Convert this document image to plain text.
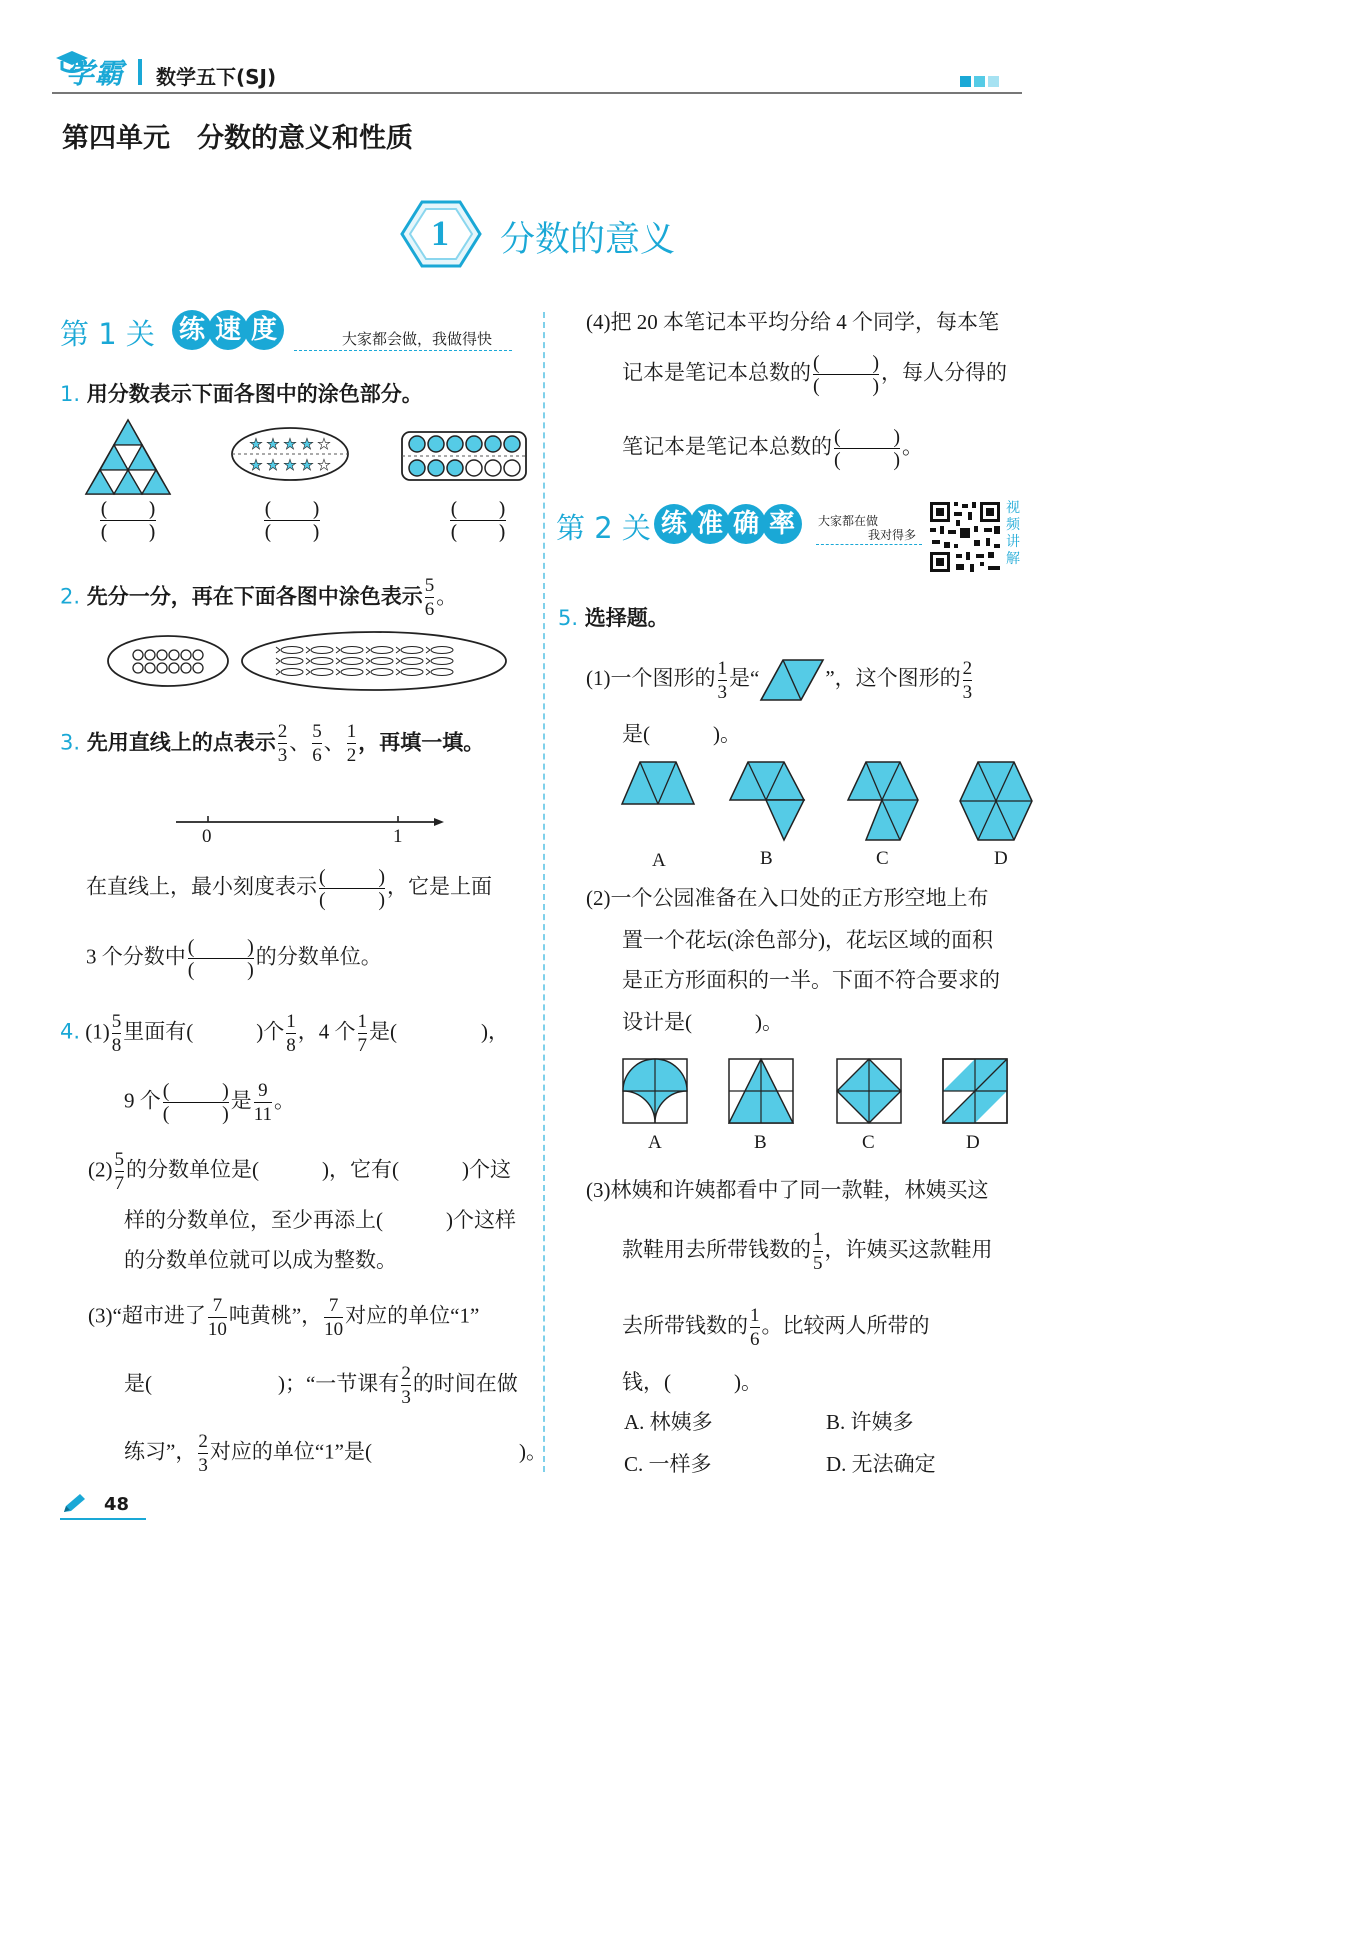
学霸 数学五下(SJ)
第四单元　分数的意义和性质
1 分数的意义
第 1 关 练 速 度	大家都会做，我做得快
1. 用分数表示下面各图中的涂色部分。
★ ★ ★ ★ ★
★ ★ ★ ★ ★
( )

( )

( )

( )

( )

( )

2. 先分一分，再在下面各图中涂色表示 $\frac{5}{6}$ 。
3. 先用直线上的点表示 $\frac{2}{3}$ 、 $\frac{5}{6}$ 、 $\frac{1}{2}$ ，再填一填。
0	1
在直线上，最小刻度表示 (	)

(	)

，它是上面
3 个分数中 (	)

(	)

的分数单位。
4. $(1) \frac{5}{8}$ 里面有(　　　)个 $\frac{1}{8}$ ，4 个 $\frac{1}{7}$ 是(　　　　)，
9 个 (	)

(	)

是 $\frac{9}{11}$ 。
$(2) \frac{5}{7}$ 的分数单位是(　　　)，它有(　　　)个这
样的分数单位，至少再添上(　　　)个这样
的分数单位就可以成为整数。
(3)“超市进了 $\frac{7}{10}$ 吨黄桃”， $\frac{7}{10}$ 对应的单位“1”
是(　　　　　　)；“一节课有 $\frac{2}{3}$ 的时间在做
练习”， $\frac{2}{3}$ 对应的单位“1”是(　　　　　　　)。
48
(4)把 20 本笔记本平均分给 4 个同学，每本笔
记本是笔记本总数的 (	)

(	)

，每人分得的
笔记本是笔记本总数的 (	)

(	)

。
第 2 关 练 准 确 率	大家都在做
我对得多
视
频
讲
解
5. 选择题。
(1)一个图形的 $\frac{1}{3}$ 是“	”，这个图形的 $\frac{2}{3}$
是(　　　)。
A	B	C	D
(2)一个公园准备在入口处的正方形空地上布
置一个花坛(涂色部分)，花坛区域的面积
是正方形面积的一半。下面不符合要求的
设计是(　　　)。
A	B	C	D
(3)林姨和许姨都看中了同一款鞋，林姨买这
款鞋用去所带钱数的 $\frac{1}{5}$ ，许姨买这款鞋用
去所带钱数的 $\frac{1}{6}$ 。比较两人所带的
钱，(　　　)。
A. 林姨多	B. 许姨多
C. 一样多	D. 无法确定
